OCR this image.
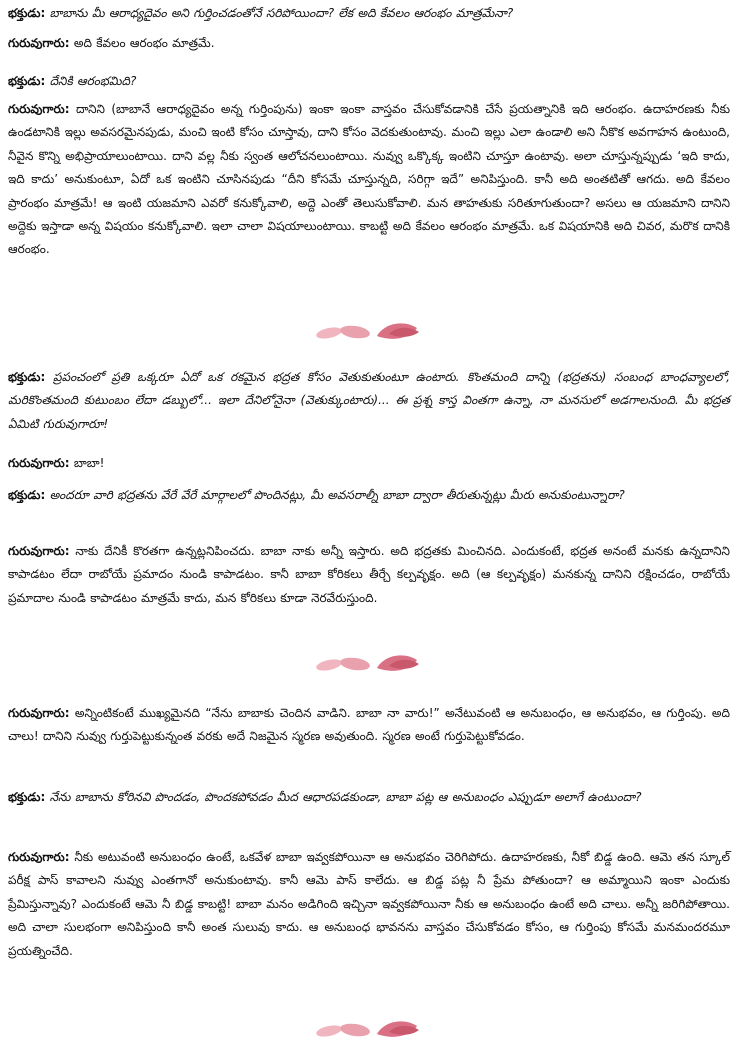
భక్తుడు: బాబాను మీ ఆరాధ్యదైవం అని గుర్తించడంతోనే సరిపోయిందా? లేక అది కేవలం ఆరంభం మాత్రమేనా?
గురువుగారు: అది కేవలం ఆరంభం మాత్రమే.
భక్తుడు: దేనికి ఆరంభమిది?
గురువుగారు: దానిని (బాబానే ఆరాధ్యదైవం అన్న గుర్తింపును) ఇంకా ఇంకా వాస్తవం చేసుకోవడానికి చేసే ప్రయత్నానికి ఇది ఆరంభం. ఉదాహరణకు నీకు ఉండటానికి ఇల్లు అవసరమైనపుడు, మంచి ఇంటి కోసం చూస్తావు, దాని కోసం వెదకుతుంటావు. మంచి ఇల్లు ఎలా ఉండాలి అని నీకొక అవగాహన ఉంటుంది, నీవైన కొన్ని అభిప్రాయాలుంటాయి. దాని వల్ల నీకు స్వంత ఆలోచనలుంటాయి. నువ్వు ఒక్కొక్క ఇంటిని చూస్తూ ఉంటావు. అలా చూస్తున్నప్పుడు ‘ఇది కాదు, ఇది కాదు’ అనుకుంటూ, ఏదో ఒక ఇంటిని చూసినపుడు “దీని కోసమే చూస్తున్నది, సరిగ్గా ఇదే” అనిపిస్తుంది. కానీ అది అంతటితో ఆగదు. అది కేవలం ప్రారంభం మాత్రమే! ఆ ఇంటి యజమాని ఎవరో కనుక్కోవాలి, అద్దె ఎంతో తెలుసుకోవాలి. మన తాహతుకు సరితూగుతుందా? అసలు ఆ యజమాని దానిని అద్దెకు ఇస్తాడా అన్న విషయం కనుక్కోవాలి. ఇలా చాలా విషయాలుంటాయి. కాబట్టి అది కేవలం ఆరంభం మాత్రమే. ఒక విషయానికి అది చివర, మరొక దానికి ఆరంభం.
భక్తుడు: ప్రపంచంలో ప్రతి ఒక్కరూ ఏదో ఒక రకమైన భద్రత కోసం వెతుకుతుంటూ ఉంటారు. కొంతమంది దాన్ని (భద్రతను) సంబంధ బాంధవ్యాలలో, మరికొంతమంది కుటుంబం లేదా డబ్బులో... ఇలా దేనిలోనైనా (వెతుక్కుంటారు)... ఈ ప్రశ్న కాస్త వింతగా ఉన్నా, నా మనసులో అడగాలనుంది. మీ భద్రత ఏమిటి గురువుగారూ!
గురువుగారు: బాబా!
భక్తుడు: అందరూ వారి భద్రతను వేరే వేరే మార్గాలలో పొందినట్లు, మీ అవసరాల్నీ బాబా ద్వారా తీరుతున్నట్లు మీరు అనుకుంటున్నారా?
గురువుగారు: నాకు దేనికీ కొరతగా ఉన్నట్లనిపించదు. బాబా నాకు అన్నీ ఇస్తారు. అది భద్రతకు మించినది. ఎందుకంటే, భద్రత అనంటే మనకు ఉన్నదానిని కాపాడటం లేదా రాబోయే ప్రమాదం నుండి కాపాడటం. కానీ బాబా కోరికలు తీర్చే కల్పవృక్షం. అది (ఆ కల్పవృక్షం) మనకున్న దానిని రక్షించడం, రాబోయే ప్రమాదాల నుండి కాపాడటం మాత్రమే కాదు, మన కోరికలు కూడా నెరవేరుస్తుంది.
గురువుగారు: అన్నింటికంటే ముఖ్యమైనది “నేను బాబాకు చెందిన వాడిని. బాబా నా వారు!” అనేటువంటి ఆ అనుబంధం, ఆ అనుభవం, ఆ గుర్తింపు. అది చాలు! దానిని నువ్వు గుర్తుపెట్టుకున్నంత వరకు అదే నిజమైన స్మరణ అవుతుంది. స్మరణ అంటే గుర్తుపెట్టుకోవడం.
భక్తుడు: నేను బాబాను కోరినవి పొందడం, పొందకపోవడం మీద ఆధారపడకుండా, బాబా పట్ల ఆ అనుబంధం ఎప్పుడూ అలాగే ఉంటుందా?
గురువుగారు: నీకు అటువంటి అనుబంధం ఉంటే, ఒకవేళ బాబా ఇవ్వకపోయినా ఆ అనుభవం చెరిగిపోదు. ఉదాహరణకు, నీకో బిడ్డ ఉంది. ఆమె తన స్కూల్ పరీక్ష పాస్ కావాలని నువ్వు ఎంతగానో అనుకుంటావు. కానీ ఆమె పాస్ కాలేదు. ఆ బిడ్డ పట్ల నీ ప్రేమ పోతుందా? ఆ అమ్మాయిని ఇంకా ఎందుకు ప్రేమిస్తున్నావు? ఎందుకంటే ఆమె నీ బిడ్డ కాబట్టి! బాబా మనం అడిగింది ఇచ్చినా ఇవ్వకపోయినా నీకు ఆ అనుబంధం ఉంటే అది చాలు. అన్నీ జరిగిపోతాయి. అది చాలా సులభంగా అనిపిస్తుంది కానీ అంత సులువు కాదు. ఆ అనుబంధ భావనను వాస్తవం చేసుకోవడం కోసం, ఆ గుర్తింపు కోసమే మనమందరమూ ప్రయత్నించేది.
